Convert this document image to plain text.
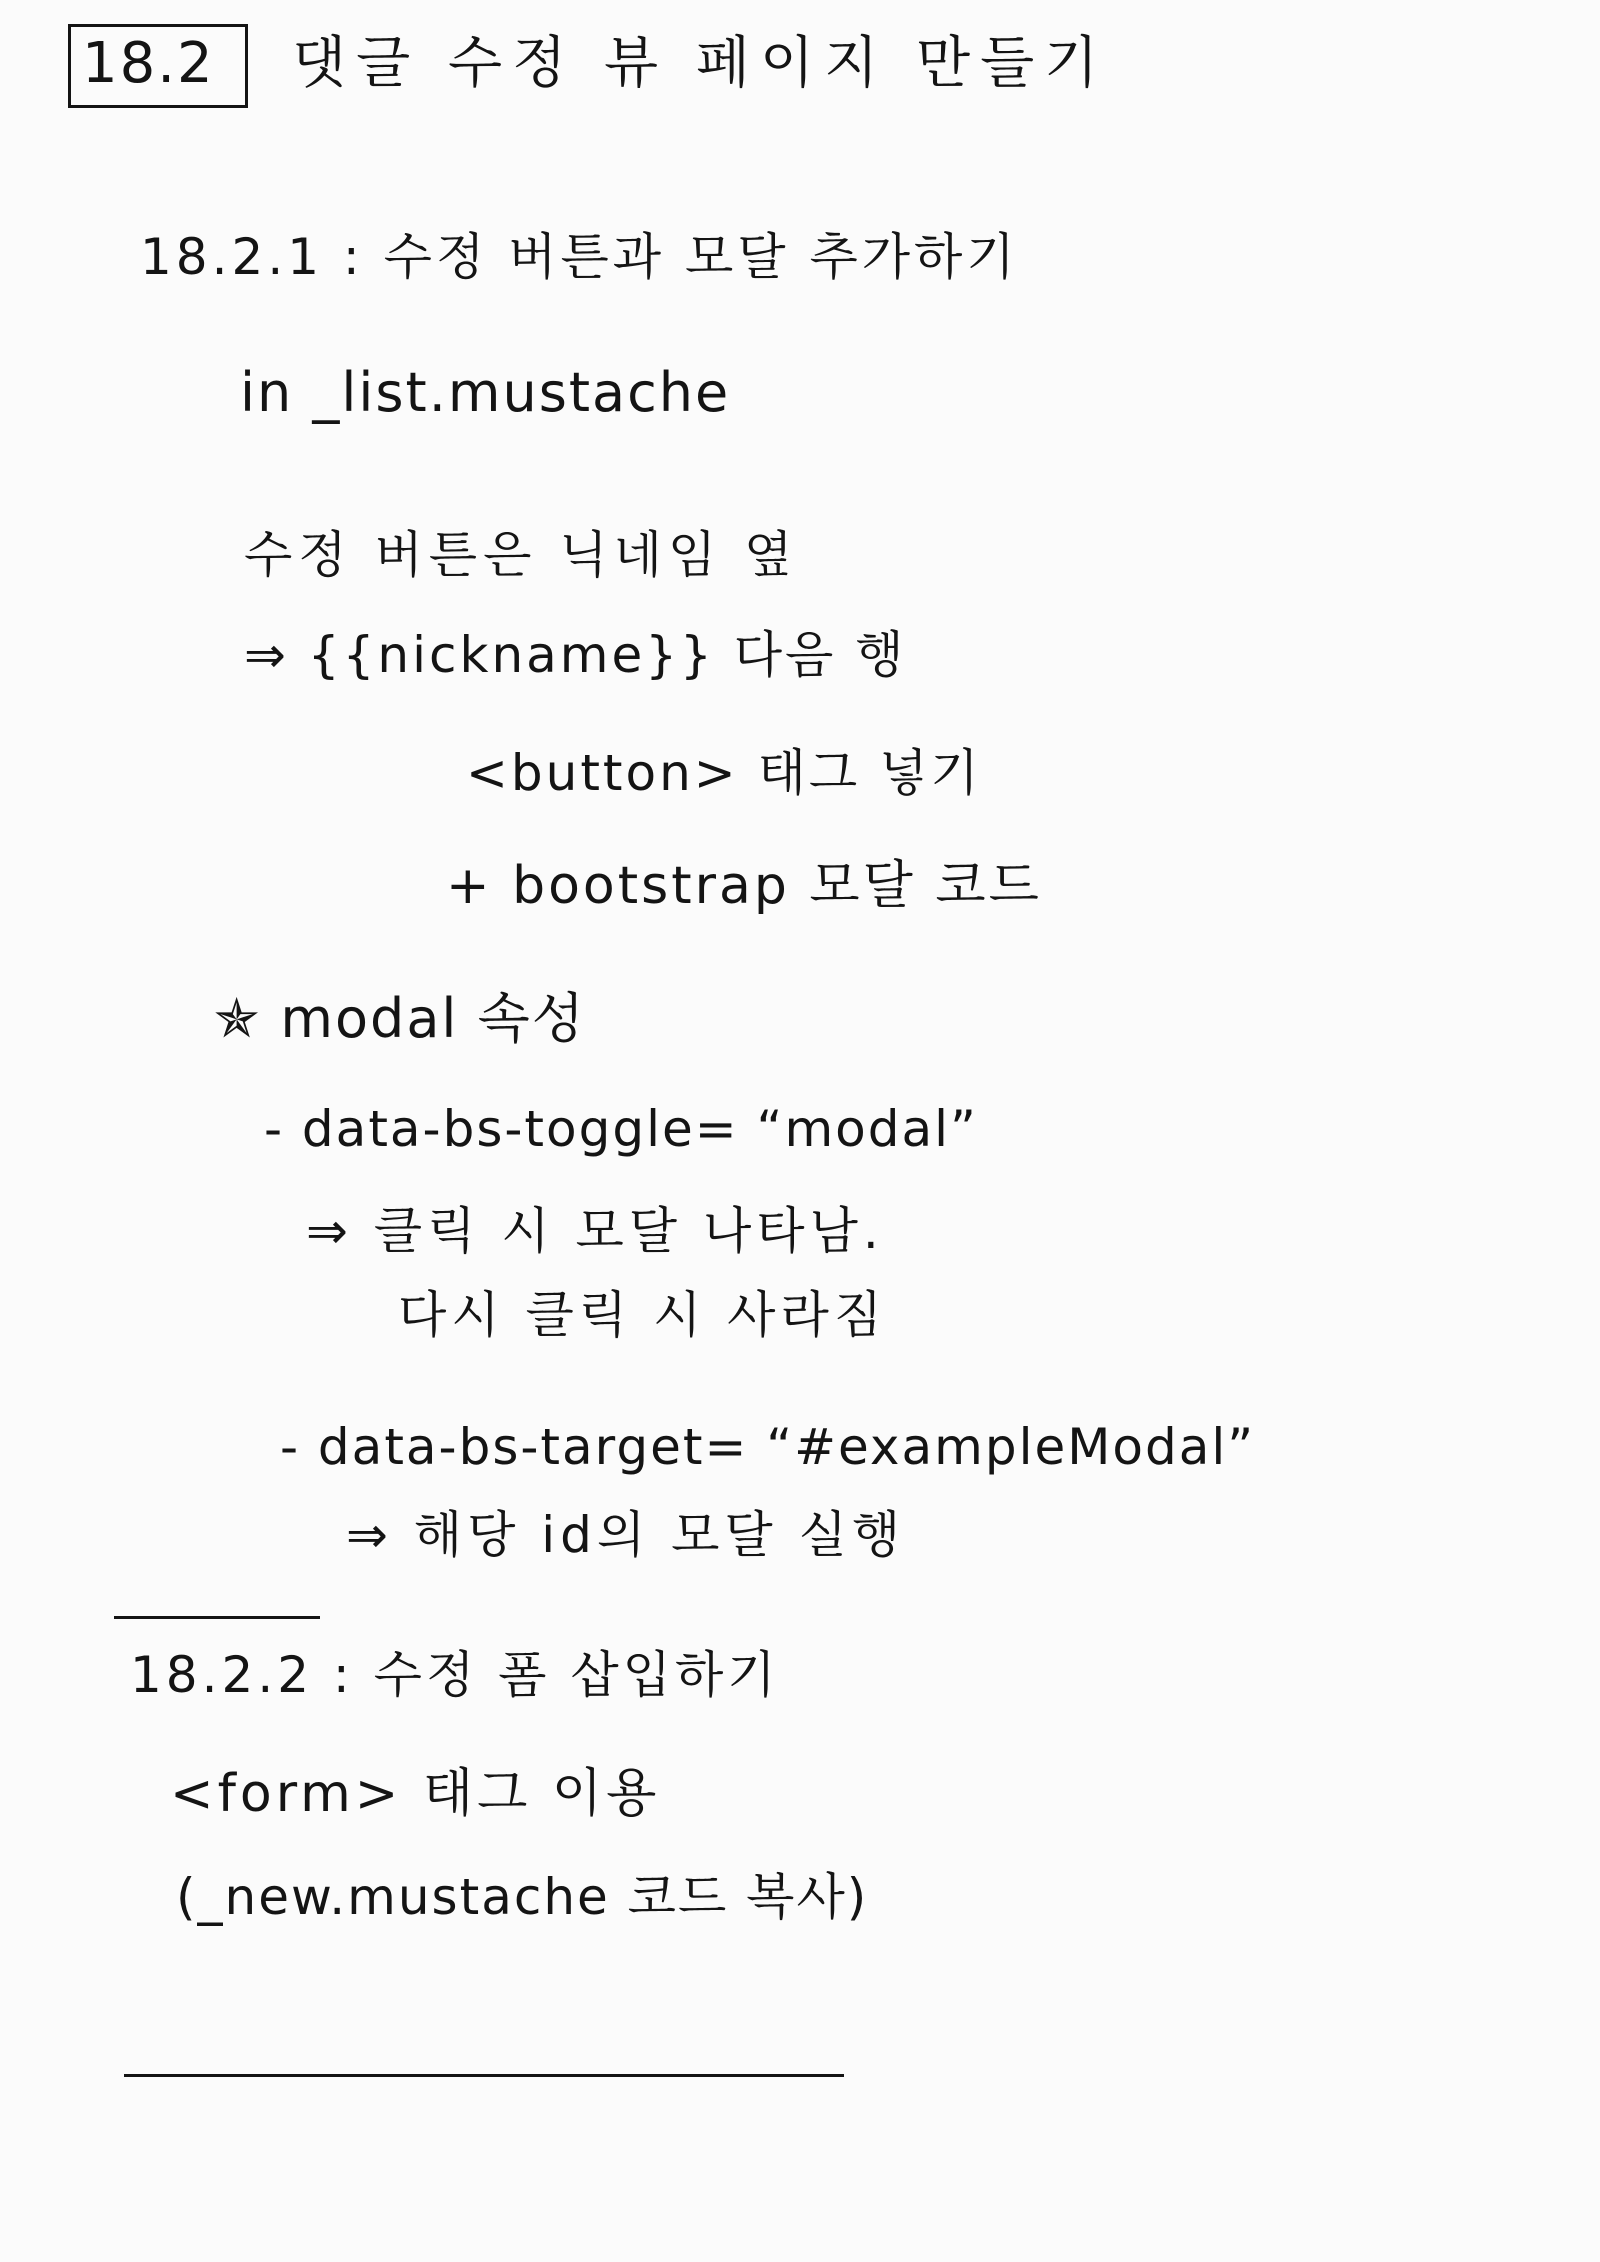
18.2 댓글 수정 뷰 페이지 만들기
18.2.1 : 수정 버튼과 모달 추가하기
in _list.mustache
수정 버튼은 닉네임 옆
⇒ {{nickname}} 다음 행
<button> 태그 넣기
+ bootstrap 모달 코드
✯ modal 속성
- data-bs-toggle= “modal”
⇒ 클릭 시 모달 나타남.
다시 클릭 시 사라짐
- data-bs-target= “#exampleModal”
⇒ 해당 id의 모달 실행
18.2.2 : 수정 폼 삽입하기
<form> 태그 이용
(_new.mustache 코드 복사)
